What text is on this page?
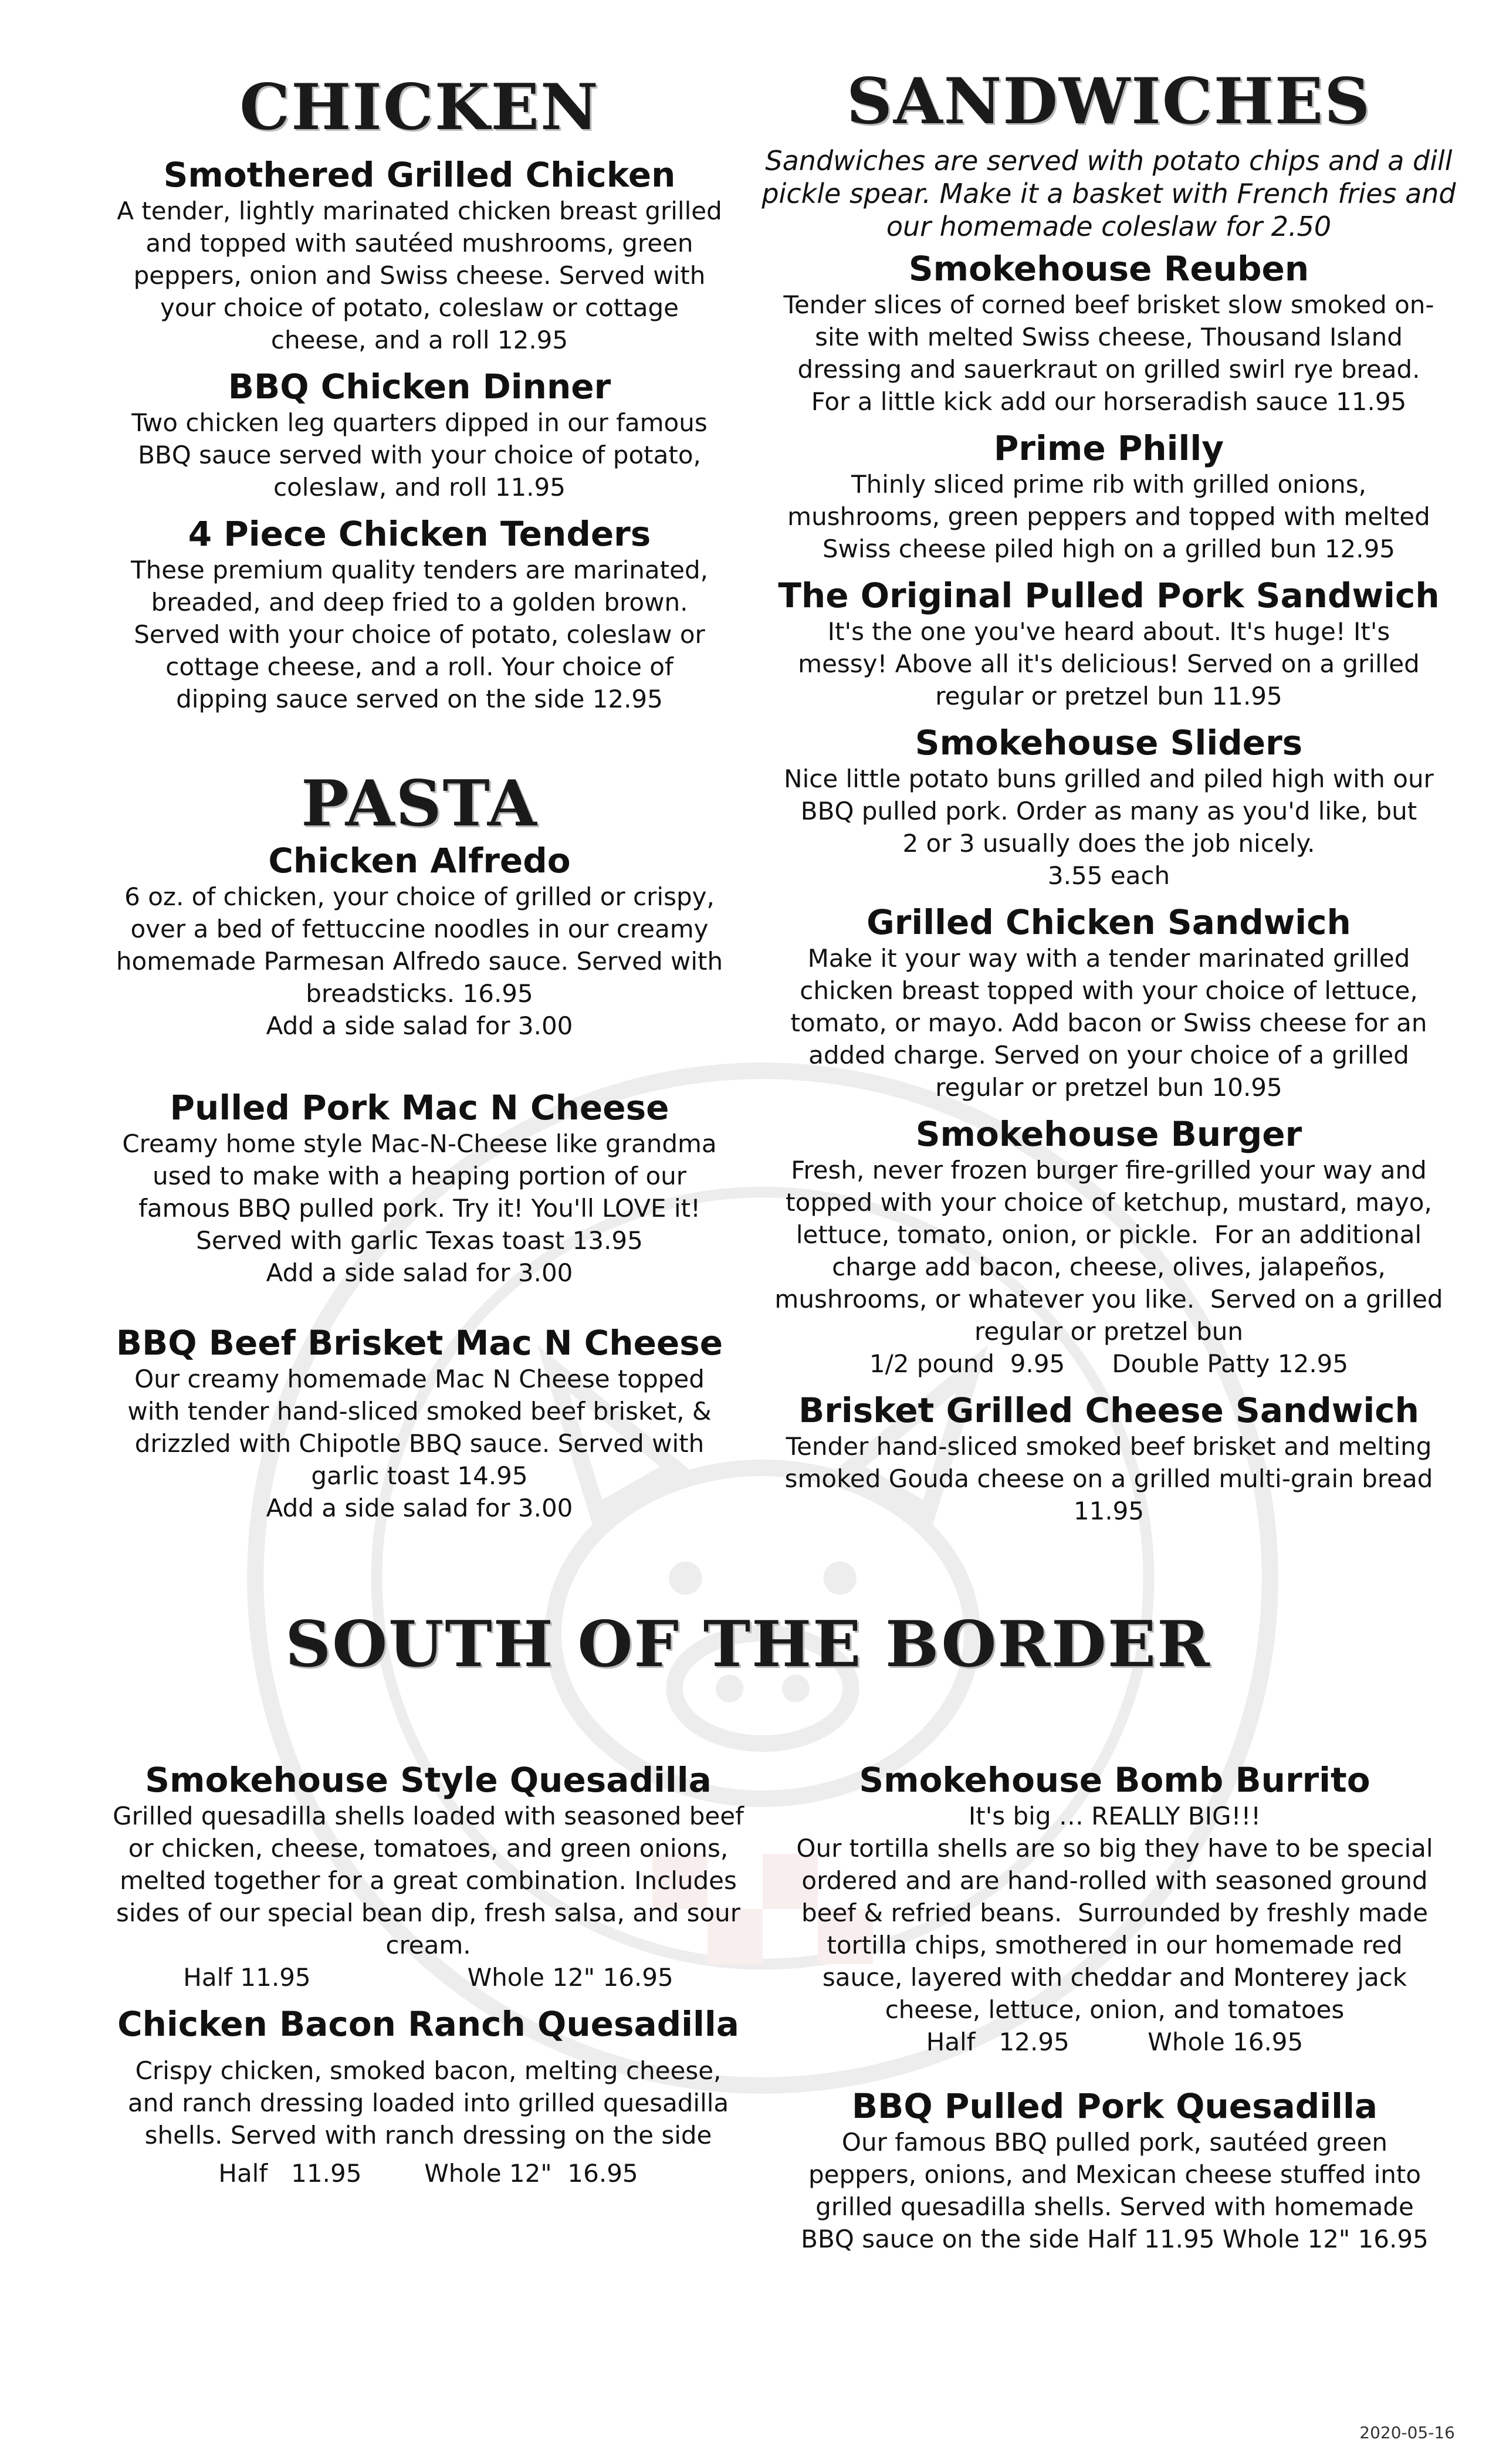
CHICKEN

Smothered Grilled Chicken

A tender, lightly marinated chicken breast grilled
and topped with sautéed mushrooms, green
peppers, onion and Swiss cheese. Served with
your choice of potato, coleslaw or cottage
cheese, and a roll 12.95

BBQ Chicken Dinner

Two chicken leg quarters dipped in our famous
BBQ sauce served with your choice of potato,
coleslaw, and roll 11.95

4 Piece Chicken Tenders

These premium quality tenders are marinated,
breaded, and deep fried to a golden brown.
Served with your choice of potato, coleslaw or
cottage cheese, and a roll. Your choice of
dipping sauce served on the side 12.95

PASTA

Chicken Alfredo

6 oz. of chicken, your choice of grilled or crispy,
over a bed of fettuccine noodles in our creamy
homemade Parmesan Alfredo sauce. Served with
breadsticks. 16.95
Add a side salad for 3.00

Pulled Pork Mac N Cheese

Creamy home style Mac-N-Cheese like grandma
used to make with a heaping portion of our
famous BBQ pulled pork. Try it! You'll LOVE it!
Served with garlic Texas toast 13.95
Add a side salad for 3.00

BBQ Beef Brisket Mac N Cheese

Our creamy homemade Mac N Cheese topped
with tender hand-sliced smoked beef brisket, &
drizzled with Chipotle BBQ sauce. Served with
garlic toast 14.95
Add a side salad for 3.00

SANDWICHES

Sandwiches are served with potato chips and a dill
pickle spear. Make it a basket with French fries and
our homemade coleslaw for 2.50

Smokehouse Reuben

Tender slices of corned beef brisket slow smoked on-
site with melted Swiss cheese, Thousand Island
dressing and sauerkraut on grilled swirl rye bread.
For a little kick add our horseradish sauce 11.95

Prime Philly

Thinly sliced prime rib with grilled onions,
mushrooms, green peppers and topped with melted
Swiss cheese piled high on a grilled bun 12.95

The Original Pulled Pork Sandwich

It's the one you've heard about. It's huge! It's
messy! Above all it's delicious! Served on a grilled
regular or pretzel bun 11.95

Smokehouse Sliders

Nice little potato buns grilled and piled high with our
BBQ pulled pork. Order as many as you'd like, but
2 or 3 usually does the job nicely.
3.55 each

Grilled Chicken Sandwich

Make it your way with a tender marinated grilled
chicken breast topped with your choice of lettuce,
tomato, or mayo. Add bacon or Swiss cheese for an
added charge. Served on your choice of a grilled
regular or pretzel bun 10.95

Smokehouse Burger

Fresh, never frozen burger fire-grilled your way and
topped with your choice of ketchup, mustard, mayo,
lettuce, tomato, onion, or pickle.  For an additional
charge add bacon, cheese, olives, jalapeños,
mushrooms, or whatever you like.  Served on a grilled
regular or pretzel bun
1/2 pound  9.95      Double Patty 12.95

Brisket Grilled Cheese Sandwich

Tender hand-sliced smoked beef brisket and melting
smoked Gouda cheese on a grilled multi-grain bread
11.95

SOUTH OF THE BORDER

Smokehouse Style Quesadilla

Grilled quesadilla shells loaded with seasoned beef
or chicken, cheese, tomatoes, and green onions,
melted together for a great combination. Includes
sides of our special bean dip, fresh salsa, and sour
cream.

Half 11.95                    Whole 12" 16.95

Chicken Bacon Ranch Quesadilla

Crispy chicken, smoked bacon, melting cheese,
and ranch dressing loaded into grilled quesadilla
shells. Served with ranch dressing on the side

Half   11.95        Whole 12"  16.95

Smokehouse Bomb Burrito

It's big … REALLY BIG!!!
Our tortilla shells are so big they have to be special
ordered and are hand-rolled with seasoned ground
beef & refried beans.  Surrounded by freshly made
tortilla chips, smothered in our homemade red
sauce, layered with cheddar and Monterey jack
cheese, lettuce, onion, and tomatoes
Half   12.95          Whole 16.95

BBQ Pulled Pork Quesadilla

Our famous BBQ pulled pork, sautéed green
peppers, onions, and Mexican cheese stuffed into
grilled quesadilla shells. Served with homemade
BBQ sauce on the side Half 11.95 Whole 12" 16.95

2020-05-16
